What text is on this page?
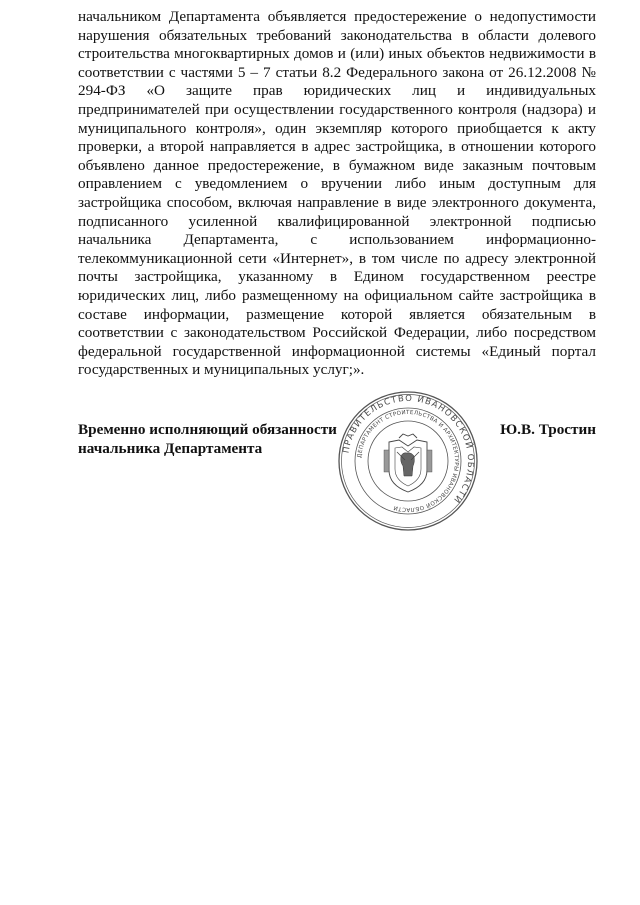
начальником Департамента объявляется предостережение о недопустимости нарушения обязательных требований законодательства в области долевого строительства многоквартирных домов и (или) иных объектов недвижимости в соответствии с частями 5 – 7 статьи 8.2 Федерального закона от 26.12.2008 № 294-ФЗ «О защите прав юридических лиц и индивидуальных предпринимателей при осуществлении государственного контроля (надзора) и муниципального контроля», один экземпляр которого приобщается к акту проверки, а второй направляется в адрес застройщика, в отношении которого объявлено данное предостережение, в бумажном виде заказным почтовым оправлением с уведомлением о вручении либо иным доступным для застройщика способом, включая направление в виде электронного документа, подписанного усиленной квалифицированной электронной подписью начальника Департамента, с использованием информационно-телекоммуникационной сети «Интернет», в том числе по адресу электронной почты застройщика, указанному в Едином государственном реестре юридических лиц, либо размещенному на официальном сайте застройщика в составе информации, размещение которой является обязательным в соответствии с законодательством Российской Федерации, либо посредством федеральной государственной информационной системы «Единый портал государственных и муниципальных услуг;».

Временно исполняющий обязанности начальника Департамента
Ю.В. Тростин
ПРАВИТЕЛЬСТВО ИВАНОВСКОЙ ОБЛАСТИ
ДЕПАРТАМЕНТ СТРОИТЕЛЬСТВА И АРХИТЕКТУРЫ ИВАНОВСКОЙ ОБЛАСТИ
